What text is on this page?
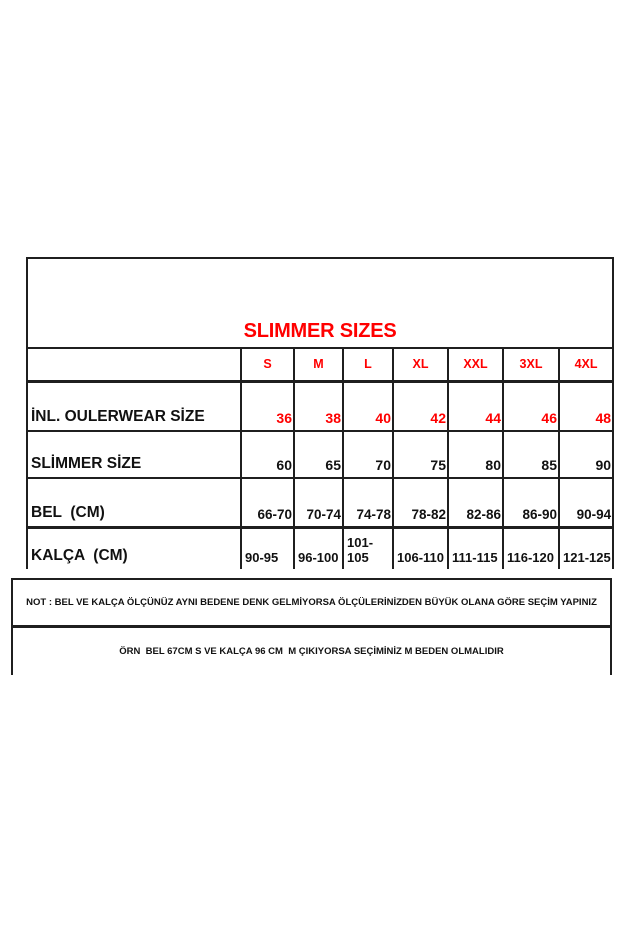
SLIMMER SIZES							
	S	M	L	XL	XXL	3XL	4XL
İNL. OULERWEAR SİZE	36	38	40	42	44	46	48
SLİMMER SİZE	60	65	70	75	80	85	90
BEL  (CM)	66-70	70-74	74-78	78-82	82-86	86-90	90-94
KALÇA  (CM)	90-95	96-100	101-105	106-110	111-115	116-120	121-125
NOT : BEL VE KALÇA ÖLÇÜNÜZ AYNI BEDENE DENK GELMİYORSA ÖLÇÜLERİNİZDEN BÜYÜK OLANA GÖRE SEÇİM YAPINIZ
ÖRN  BEL 67CM S VE KALÇA 96 CM  M ÇIKIYORSA SEÇİMİNİZ M BEDEN OLMALIDIR
